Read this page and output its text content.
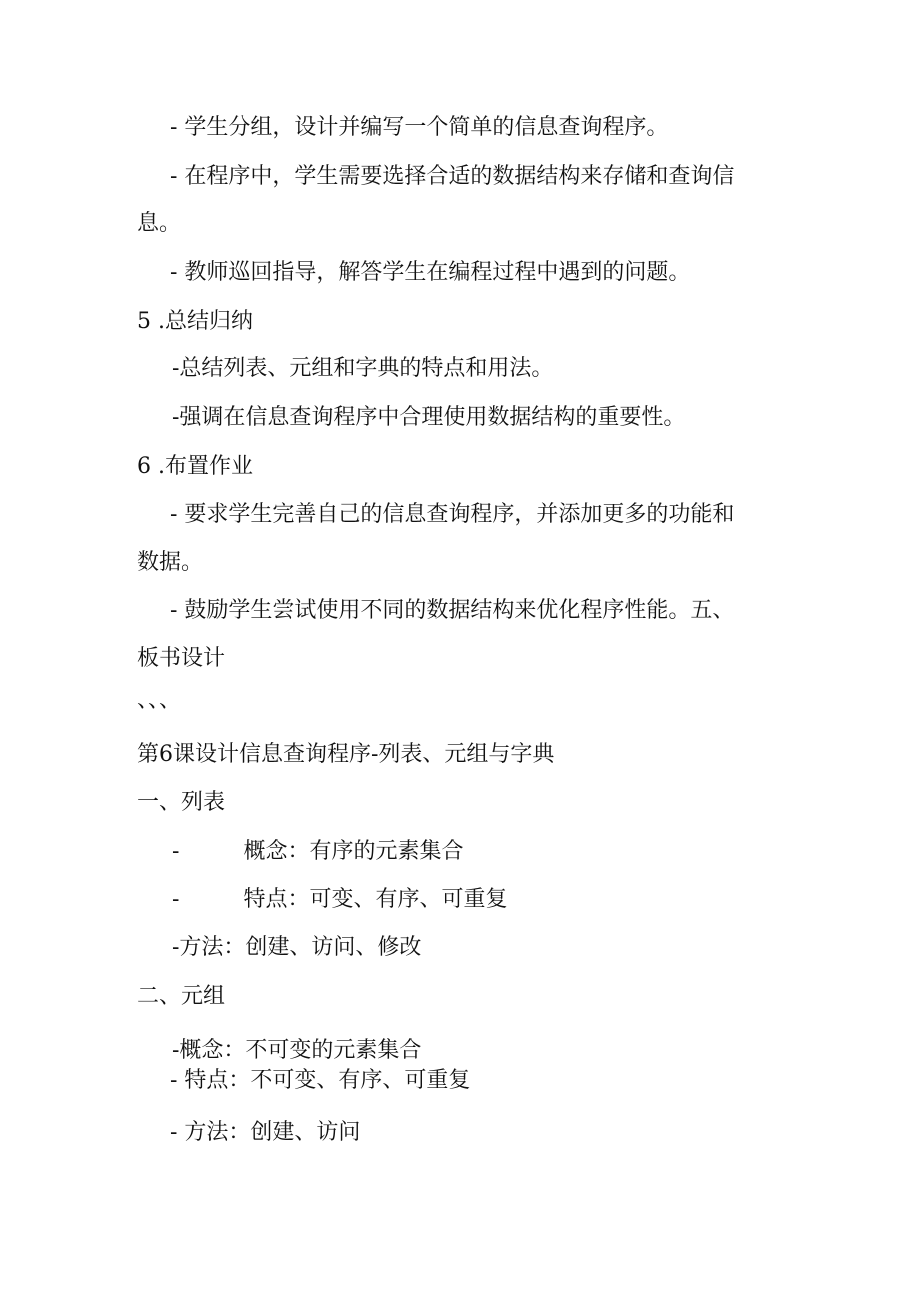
- 学生分组，设计并编写一个简单的信息查询程序。

- 在程序中，学生需要选择合适的数据结构来存储和查询信

息。

- 教师巡回指导，解答学生在编程过程中遇到的问题。

5 .总结归纳

-总结列表、元组和字典的特点和用法。

-强调在信息查询程序中合理使用数据结构的重要性。

6 .布置作业

- 要求学生完善自己的信息查询程序，并添加更多的功能和

数据。

- 鼓励学生尝试使用不同的数据结构来优化程序性能。五、

板书设计

、、、

第6课设计信息查询程序-列表、元组与字典

一、列表

-	概念：有序的元素集合

-	特点：可变、有序、可重复

-方法：创建、访问、修改

二、元组

-概念：不可变的元素集合

- 特点：不可变、有序、可重复

- 方法：创建、访问
